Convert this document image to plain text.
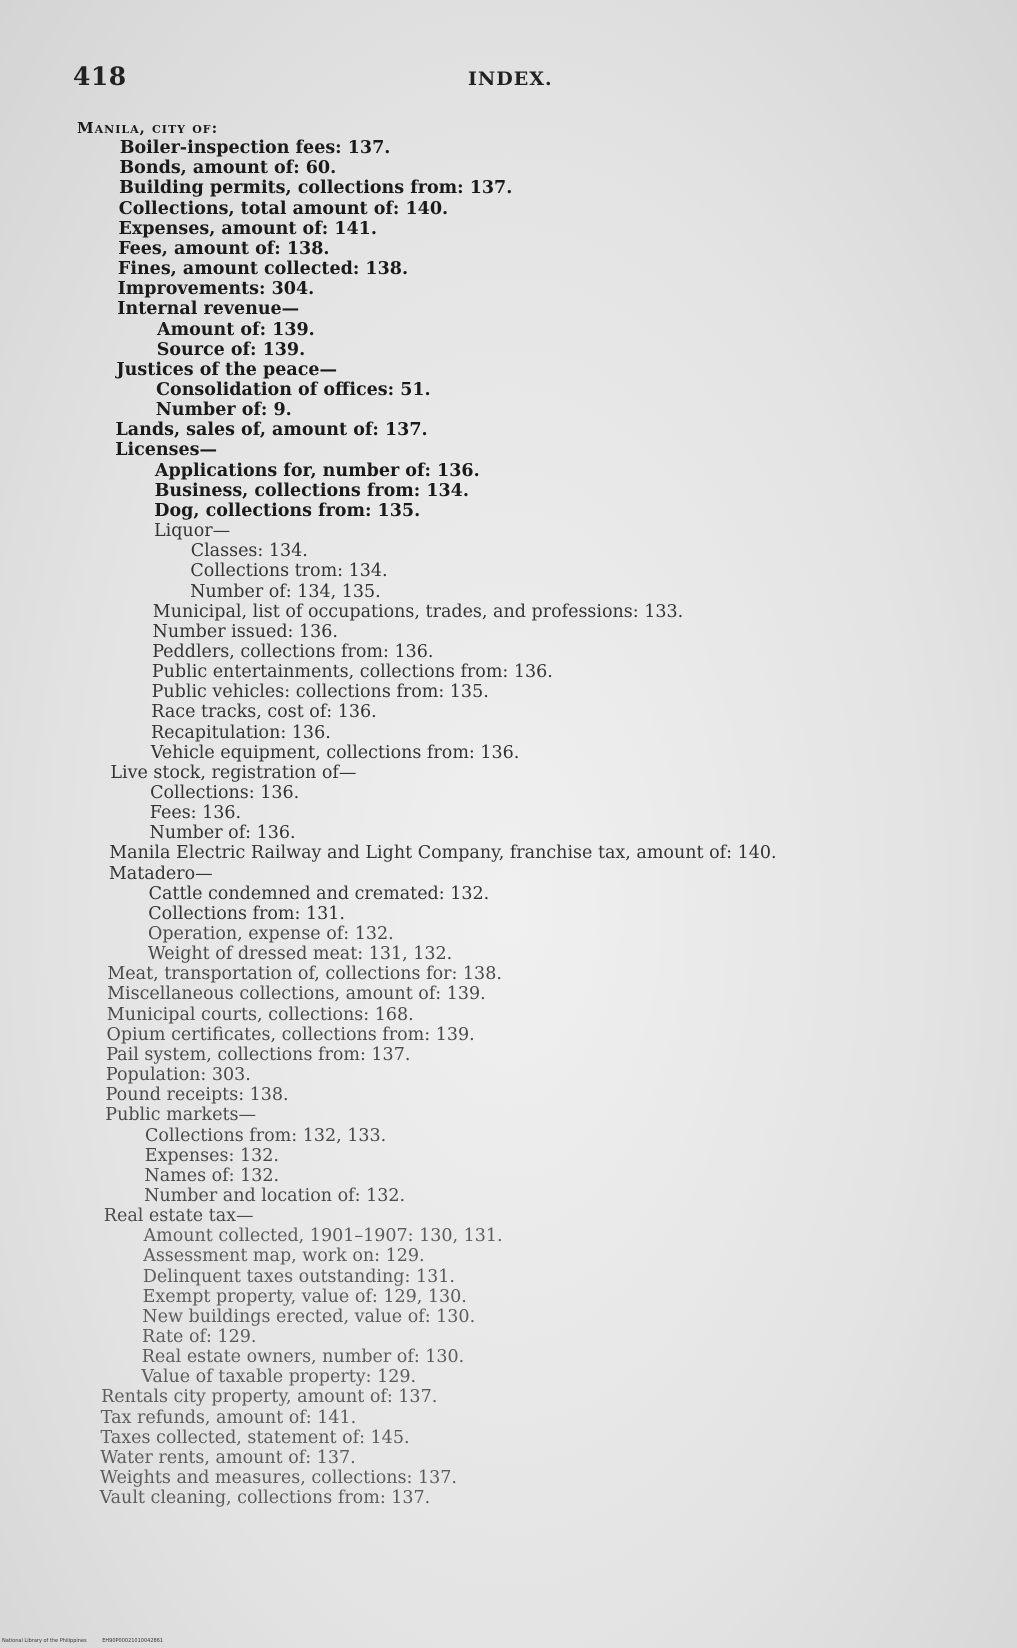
418	INDEX.
Manila, city of:
Boiler-inspection fees: 137.
Bonds, amount of: 60.
Building permits, collections from: 137.
Collections, total amount of: 140.
Expenses, amount of: 141.
Fees, amount of: 138.
Fines, amount collected: 138.
Improvements: 304.
Internal revenue—
Amount of: 139.
Source of: 139.
Justices of the peace—
Consolidation of offices: 51.
Number of: 9.
Lands, sales of, amount of: 137.
Licenses—
Applications for, number of: 136.
Business, collections from: 134.
Dog, collections from: 135.
Liquor—
Classes: 134.
Collections trom: 134.
Number of: 134, 135.
Municipal, list of occupations, trades, and professions: 133.
Number issued: 136.
Peddlers, collections from: 136.
Public entertainments, collections from: 136.
Public vehicles: collections from: 135.
Race tracks, cost of: 136.
Recapitulation: 136.
Vehicle equipment, collections from: 136.
Live stock, registration of—
Collections: 136.
Fees: 136.
Number of: 136.
Manila Electric Railway and Light Company, franchise tax, amount of: 140.
Matadero—
Cattle condemned and cremated: 132.
Collections from: 131.
Operation, expense of: 132.
Weight of dressed meat: 131, 132.
Meat, transportation of, collections for: 138.
Miscellaneous collections, amount of: 139.
Municipal courts, collections: 168.
Opium certificates, collections from: 139.
Pail system, collections from: 137.
Population: 303.
Pound receipts: 138.
Public markets—
Collections from: 132, 133.
Expenses: 132.
Names of: 132.
Number and location of: 132.
Real estate tax—
Amount collected, 1901–1907: 130, 131.
Assessment map, work on: 129.
Delinquent taxes outstanding: 131.
Exempt property, value of: 129, 130.
New buildings erected, value of: 130.
Rate of: 129.
Real estate owners, number of: 130.
Value of taxable property: 129.
Rentals city property, amount of: 137.
Tax refunds, amount of: 141.
Taxes collected, statement of: 145.
Water rents, amount of: 137.
Weights and measures, collections: 137.
Vault cleaning, collections from: 137.
National Library of the Philippines	EH90P00021010042861
